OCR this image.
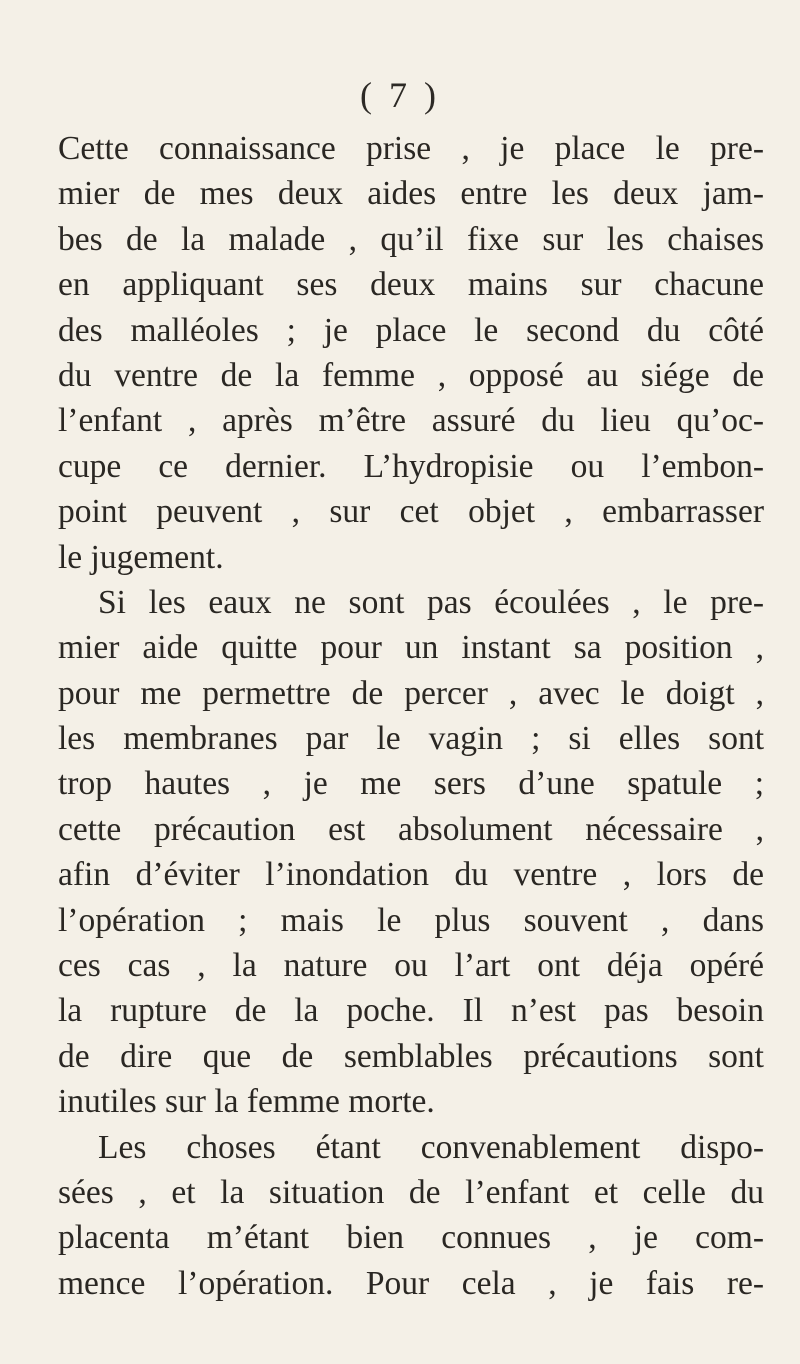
( 7 )
Cette connaissance prise , je place le pre-
mier de mes deux aides entre les deux jam-
bes de la malade , qu’il fixe sur les chaises
en appliquant ses deux mains sur chacune
des malléoles ; je place le second du côté
du ventre de la femme , opposé au siége de
l’enfant , après m’être assuré du lieu qu’oc-
cupe ce dernier. L’hydropisie ou l’embon-
point peuvent , sur cet objet , embarrasser
le jugement.
Si les eaux ne sont pas écoulées , le pre-
mier aide quitte pour un instant sa position ,
pour me permettre de percer , avec le doigt ,
les membranes par le vagin ; si elles sont
trop hautes , je me sers d’une spatule ;
cette précaution est absolument nécessaire ,
afin d’éviter l’inondation du ventre , lors de
l’opération ; mais le plus souvent , dans
ces cas , la nature ou l’art ont déja opéré
la rupture de la poche. Il n’est pas besoin
de dire que de semblables précautions sont
inutiles sur la femme morte.
Les choses étant convenablement dispo-
sées , et la situation de l’enfant et celle du
placenta m’étant bien connues , je com-
mence l’opération. Pour cela , je fais re-
